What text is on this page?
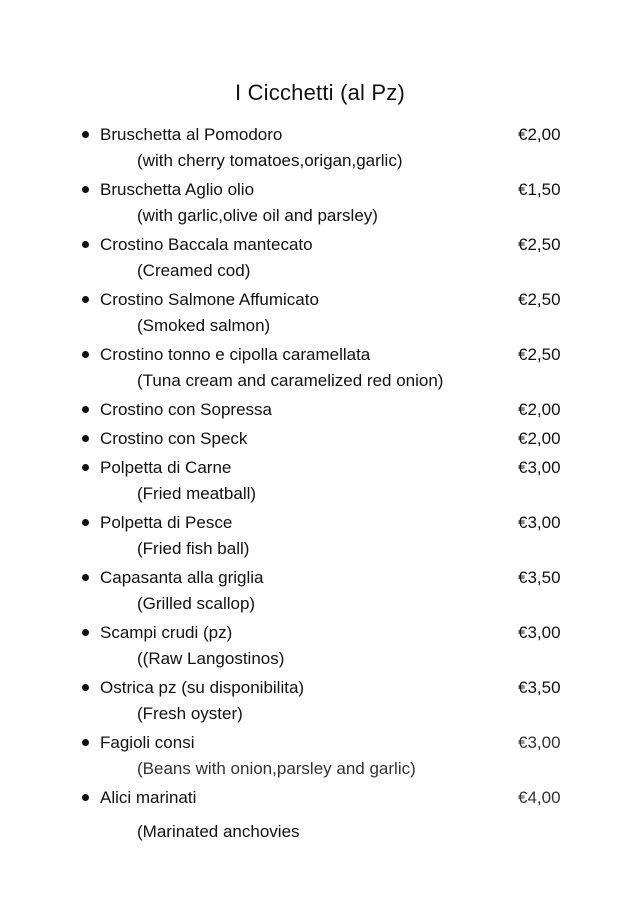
I Cicchetti (al Pz)
Bruschetta al Pomodoro	€2,00
(with cherry tomatoes,origan,garlic)
Bruschetta Aglio olio	€1,50
(with garlic,olive oil and parsley)
Crostino Baccala mantecato	€2,50
(Creamed cod)
Crostino Salmone Affumicato	€2,50
(Smoked salmon)
Crostino tonno e cipolla caramellata	€2,50
(Tuna cream and caramelized red onion)
Crostino con Sopressa	€2,00
Crostino con Speck	€2,00
Polpetta di Carne	€3,00
(Fried meatball)
Polpetta di Pesce	€3,00
(Fried fish ball)
Capasanta alla griglia	€3,50
(Grilled scallop)
Scampi crudi (pz)	€3,00
((Raw Langostinos)
Ostrica pz (su disponibilita)	€3,50
(Fresh oyster)
Fagioli consi	€3,00
(Beans with onion,parsley and garlic)
Alici marinati	€4,00
(Marinated anchovies
